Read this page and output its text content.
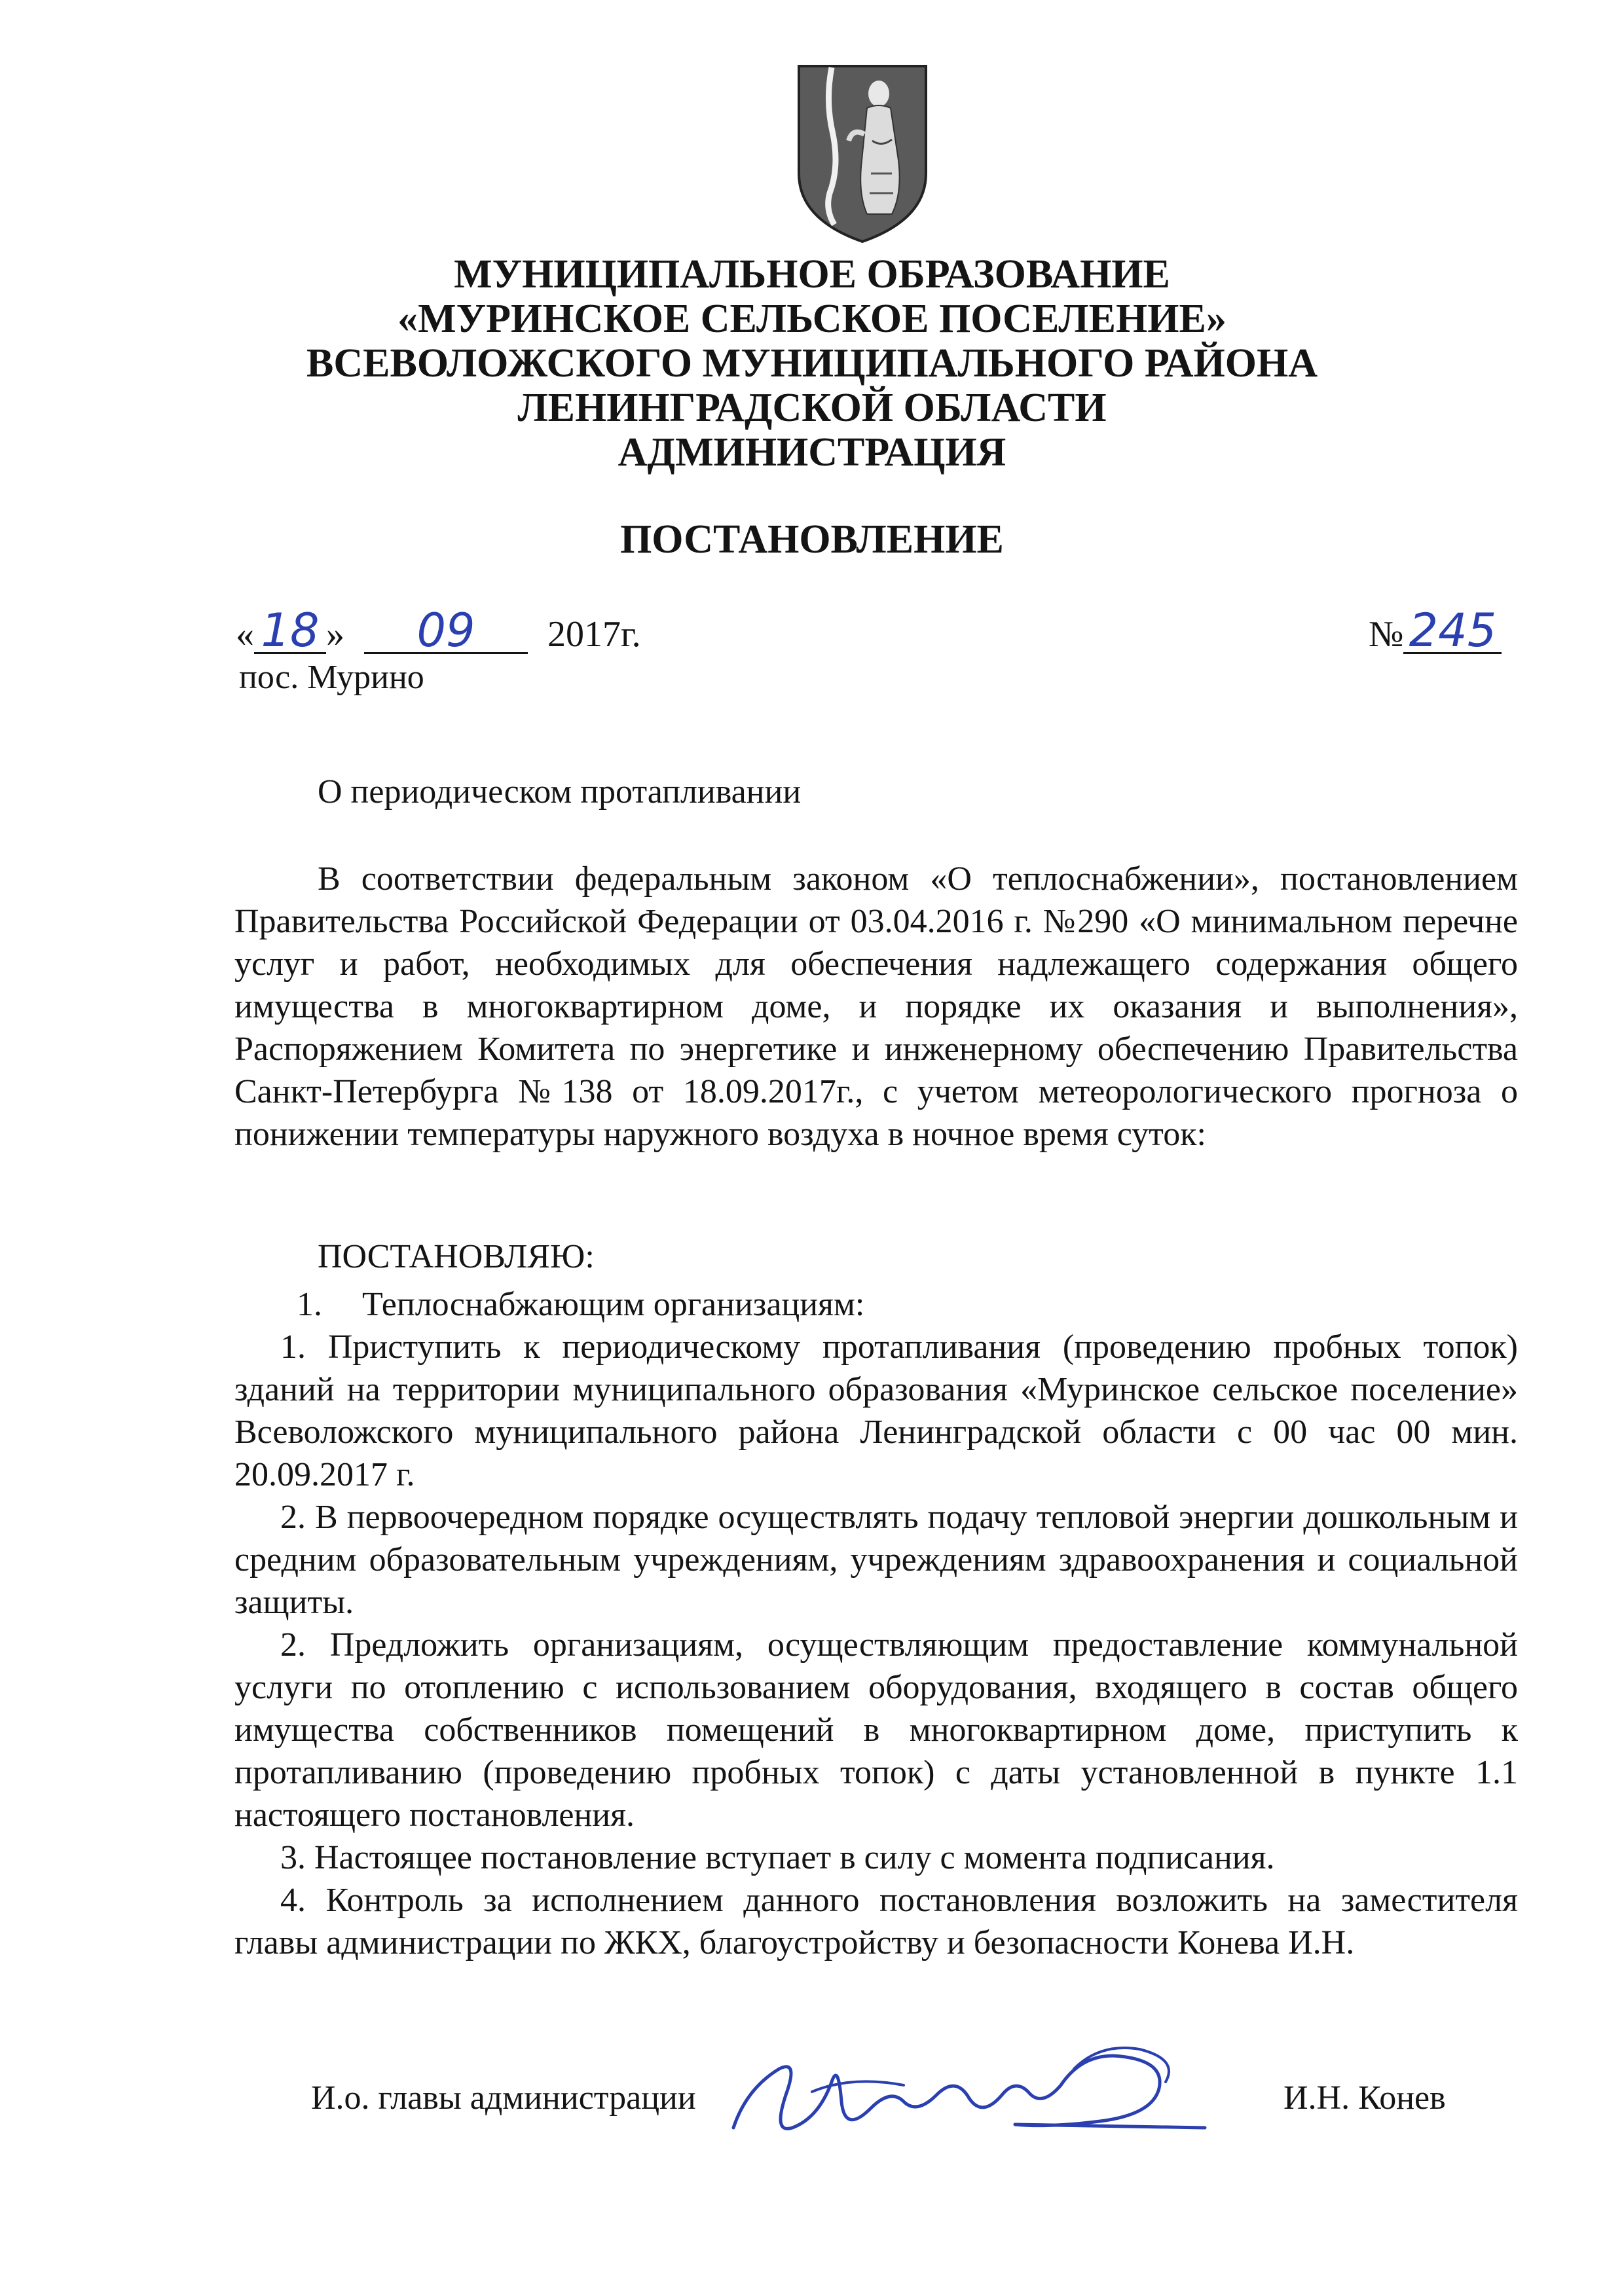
МУНИЦИПАЛЬНОЕ ОБРАЗОВАНИЕ
«МУРИНСКОЕ СЕЛЬСКОЕ ПОСЕЛЕНИЕ»
ВСЕВОЛОЖСКОГО МУНИЦИПАЛЬНОГО РАЙОНА
ЛЕНИНГРАДСКОЙ ОБЛАСТИ
АДМИНИСТРАЦИЯ
ПОСТАНОВЛЕНИЕ
« 18 » 09 2017г.	№ 245
пос. Мурино
О периодическом протапливании

В соответствии федеральным законом «О теплоснабжении», постановлением Правительства Российской Федерации от 03.04.2016 г. №290 «О минимальном перечне услуг и работ, необходимых для обеспечения надлежащего содержания общего имущества в многоквартирном доме, и порядке их оказания и выполнения», Распоряжением Комитета по энергетике и инженерному обеспечению Правительства Санкт-Петербурга №138 от 18.09.2017г., с учетом метеорологического прогноза о понижении температуры наружного воздуха в ночное время суток:

ПОСТАНОВЛЯЮ:

1. Теплоснабжающим организациям:

1. Приступить к периодическому протапливания (проведению пробных топок) зданий на территории муниципального образования «Муринское сельское поселение» Всеволожского муниципального района Ленинградской области с 00 час 00 мин. 20.09.2017 г.

2. В первоочередном порядке осуществлять подачу тепловой энергии дошкольным и средним образовательным учреждениям, учреждениям здравоохранения и социальной защиты.

2. Предложить организациям, осуществляющим предоставление коммунальной услуги по отоплению с использованием оборудования, входящего в состав общего имущества собственников помещений в многоквартирном доме, приступить к протапливанию (проведению пробных топок) с даты установленной в пункте 1.1 настоящего постановления.

3. Настоящее постановление вступает в силу с момента подписания.

4. Контроль за исполнением данного постановления возложить на заместителя главы администрации по ЖКХ, благоустройству и безопасности Конева И.Н.

И.о. главы администрации	И.Н. Конев
